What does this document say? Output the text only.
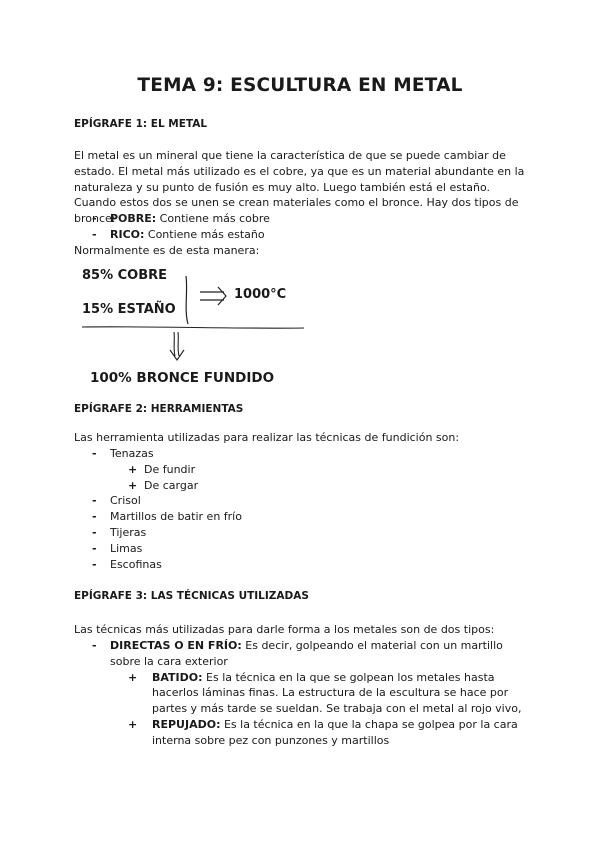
TEMA 9: ESCULTURA EN METAL

EPÍGRAFE 1: EL METAL

El metal es un mineral que tiene la característica de que se puede cambiar de estado. El metal más utilizado es el cobre, ya que es un material abundante en la naturaleza y su punto de fusión es muy alto. Luego también está el estaño. Cuando estos dos se unen se crean materiales como el bronce. Hay dos tipos de bronce:

- POBRE: Contiene más cobre
- RICO: Contiene más estaño

Normalmente es de esta manera:

85% COBRE
15% ESTAÑO
1000°C
100% BRONCE FUNDIDO

EPÍGRAFE 2: HERRAMIENTAS

Las herramienta utilizadas para realizar las técnicas de fundición son:

- Tenazas
+ De fundir
+ De cargar
- Crisol
- Martillos de batir en frío
- Tijeras
- Limas
- Escofinas

EPÍGRAFE 3: LAS TÉCNICAS UTILIZADAS

Las técnicas más utilizadas para darle forma a los metales son de dos tipos:

- DIRECTAS O EN FRÍO: Es decir, golpeando el material con un martillo sobre la cara exterior
+ BATIDO: Es la técnica en la que se golpean los metales hasta hacerlos láminas finas. La estructura de la escultura se hace por partes y más tarde se sueldan. Se trabaja con el metal al rojo vivo,
+ REPUJADO: Es la técnica en la que la chapa se golpea por la cara interna sobre pez con punzones y martillos
